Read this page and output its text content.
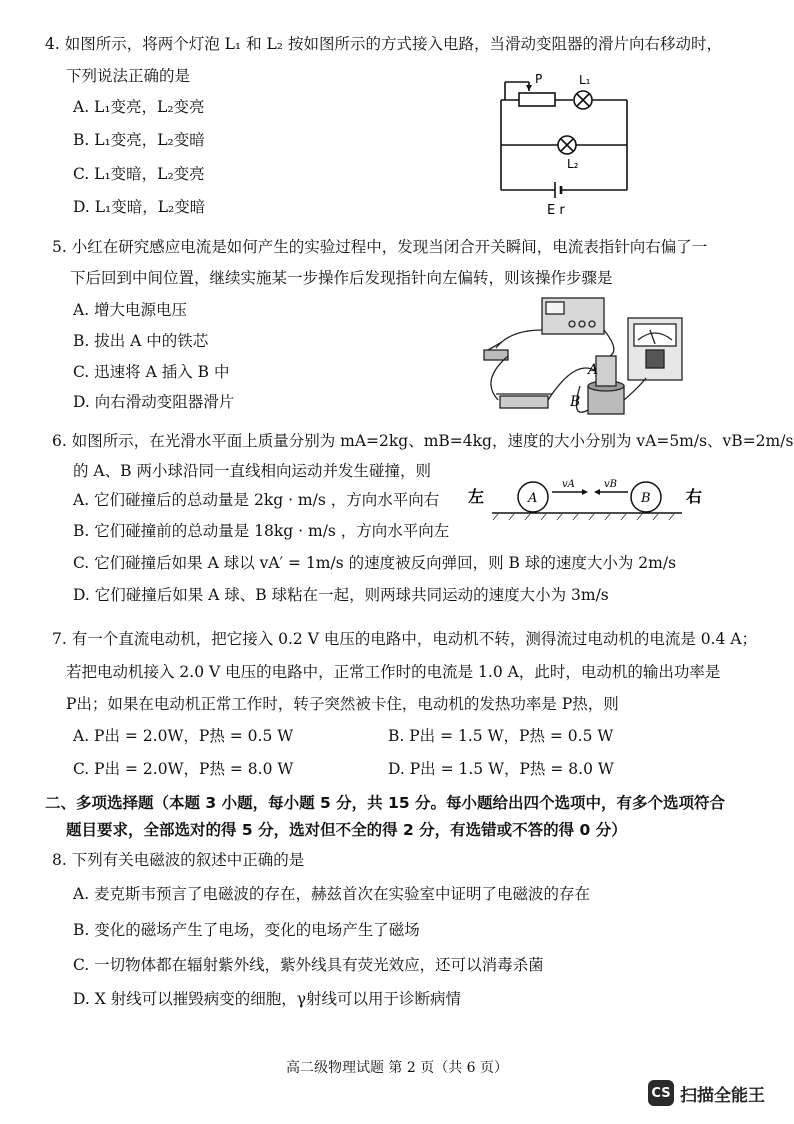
4. 如图所示，将两个灯泡 L₁ 和 L₂ 按如图所示的方式接入电路，当滑动变阻器的滑片向右移动时，
下列说法正确的是
A. L₁变亮，L₂变亮
B. L₁变亮，L₂变暗
C. L₁变暗，L₂变亮
D. L₁变暗，L₂变暗
P	L₁
L₂
E r
5. 小红在研究感应电流是如何产生的实验过程中，发现当闭合开关瞬间，电流表指针向右偏了一
下后回到中间位置，继续实施某一步操作后发现指针向左偏转，则该操作步骤是
A. 增大电源电压
B. 拔出 A 中的铁芯
C. 迅速将 A 插入 B 中
D. 向右滑动变阻器滑片
A
B
6. 如图所示，在光滑水平面上质量分别为 mA=2kg、mB=4kg，速度的大小分别为 vA=5m/s、vB=2m/s
的 A、B 两小球沿同一直线相向运动并发生碰撞，则
A. 它们碰撞后的总动量是 2kg · m/s ，方向水平向右
B. 它们碰撞前的总动量是 18kg · m/s ，方向水平向左
C. 它们碰撞后如果 A 球以 vA′ = 1m/s 的速度被反向弹回，则 B 球的速度大小为 2m/s
D. 它们碰撞后如果 A 球、B 球粘在一起，则两球共同运动的速度大小为 3m/s
左	右
A	B
vA	vB
7. 有一个直流电动机，把它接入 0.2 V 电压的电路中，电动机不转，测得流过电动机的电流是 0.4 A；
若把电动机接入 2.0 V 电压的电路中，正常工作时的电流是 1.0 A，此时，电动机的输出功率是
P出；如果在电动机正常工作时，转子突然被卡住，电动机的发热功率是 P热，则
A. P出 = 2.0W，P热 = 0.5 W	B. P出 = 1.5 W，P热 = 0.5 W
C. P出 = 2.0W，P热 = 8.0 W	D. P出 = 1.5 W，P热 = 8.0 W
二、多项选择题（本题 3 小题，每小题 5 分，共 15 分。每小题给出四个选项中，有多个选项符合
题目要求，全部选对的得 5 分，选对但不全的得 2 分，有选错或不答的得 0 分）
8. 下列有关电磁波的叙述中正确的是
A. 麦克斯韦预言了电磁波的存在，赫兹首次在实验室中证明了电磁波的存在
B. 变化的磁场产生了电场，变化的电场产生了磁场
C. 一切物体都在辐射紫外线，紫外线具有荧光效应，还可以消毒杀菌
D. X 射线可以摧毁病变的细胞，γ射线可以用于诊断病情
高二级物理试题 第 2 页（共 6 页）
CS 扫描全能王
